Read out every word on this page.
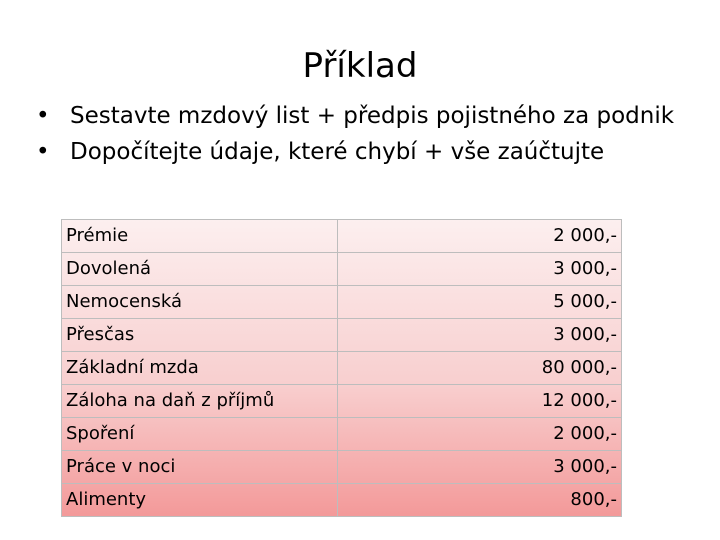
Příklad
• Sestavte mzdový list + předpis pojistného za podnik
• Dopočítejte údaje, které chybí + vše zaúčtujte
Prémie	2 000,-
Dovolená	3 000,-
Nemocenská	5 000,-
Přesčas	3 000,-
Základní mzda	80 000,-
Záloha na daň z příjmů	12 000,-
Spoření	2 000,-
Práce v noci	3 000,-
Alimenty	800,-
